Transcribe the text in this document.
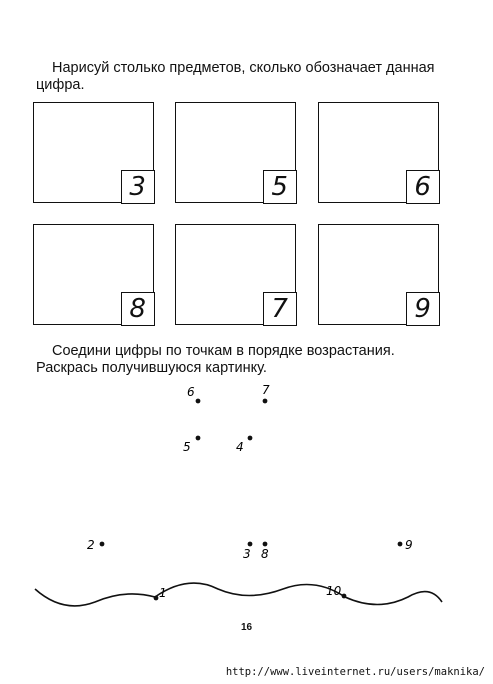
Нарисуй столько предметов, сколько обозначает данная цифра.

3	5	6
8	7	9

Соедини цифры по точкам в порядке возрастания. Раскрась получившуюся картинку.

1
2
3
4
5
6	7
8
9
10
16
http://www.liveinternet.ru/users/maknika/
